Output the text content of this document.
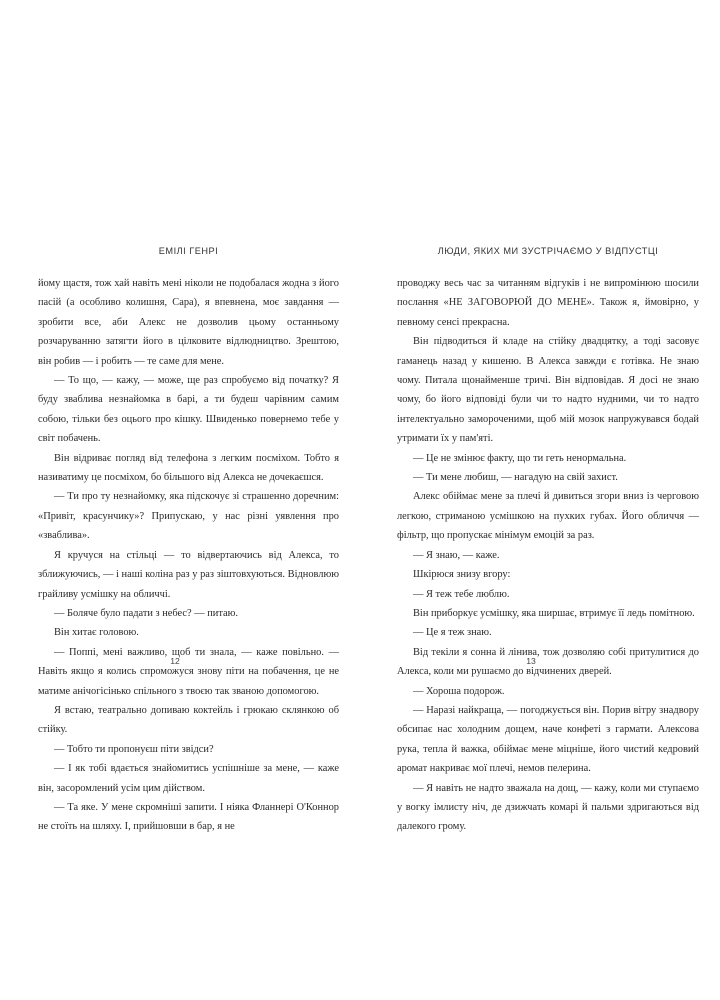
ЕМІЛІ ГЕНРІ

йому щастя, тож хай навіть мені ніколи не подобалася жодна з його пасій (а особливо колишня, Сара), я впевнена, моє завдання — зробити все, аби Алекс не дозволив цьому останньому розчаруванню затягти його в цілковите відлюдництво. Зрештою, він робив — і робить — те саме для мене.

— То що, — кажу, — може, ще раз спробуємо від початку? Я буду зваблива незнайомка в барі, а ти будеш чарівним самим собою, тільки без оцього про кішку. Швиденько повернемо тебе у світ побачень.

Він відриває погляд від телефона з легким посміхом. Тобто я називатиму це посміхом, бо більшого від Алекса не дочекаєшся.

— Ти про ту незнайомку, яка підскочує зі страшенно доречним: «Привіт, красунчику»? Припускаю, у нас різні уявлення про «зваблива».

Я кручуся на стільці — то відвертаючись від Алекса, то зближуючись, — і наші коліна раз у раз зіштовхуються. Відновлюю грайливу усмішку на обличчі.

— Боляче було падати з небес? — питаю.

Він хитає головою.

— Поппі, мені важливо, щоб ти знала, — каже повільно. — Навіть якщо я колись спроможуся знову піти на побачення, це не матиме анічогісінько спільного з твоєю так званою допомогою.

Я встаю, театрально допиваю коктейль і грюкаю склянкою об стійку.

— Тобто ти пропонуєш піти звідси?

— І як тобі вдається знайомитись успішніше за мене, — каже він, засоромлений усім цим дійством.

— Та яке. У мене скромніші запити. І ніяка Фланнері О'Коннор не стоїть на шляху. І, прийшовши в бар, я не

ЛЮДИ, ЯКИХ МИ ЗУСТРІЧАЄМО У ВІДПУСТЦІ

проводжу весь час за читанням відгуків і не випромінюю шосили послання «НЕ ЗАГОВОРЮЙ ДО МЕНЕ». Також я, ймовірно, у певному сенсі прекрасна.

Він підводиться й кладе на стійку двадцятку, а тоді засовує гаманець назад у кишеню. В Алекса завжди є готівка. Не знаю чому. Питала щонайменше тричі. Він відповідав. Я досі не знаю чому, бо його відповіді були чи то надто нудними, чи то надто інтелектуально замороченими, щоб мій мозок напружувався бодай утримати їх у пам'яті.

— Це не змінює факту, що ти геть ненормальна.

— Ти мене любиш, — нагадую на свій захист.

Алекс обіймає мене за плечі й дивиться згори вниз із черговою легкою, стриманою усмішкою на пухких губах. Його обличчя — фільтр, що пропускає мінімум емоцій за раз.

— Я знаю, — каже.

Шкірюся знизу вгору:

— Я теж тебе люблю.

Він приборкує усмішку, яка ширшає, втримує її ледь помітною.

— Це я теж знаю.

Від текіли я сонна й лінива, тож дозволяю собі притулитися до Алекса, коли ми рушаємо до відчинених дверей.

— Хороша подорож.

— Наразі найкраща, — погоджується він. Порив вітру знадвору обсипає нас холодним дощем, наче конфеті з гармати. Алексова рука, тепла й важка, обіймає мене міцніше, його чистий кедровий аромат накриває мої плечі, немов пелерина.

— Я навіть не надто зважала на дощ, — кажу, коли ми ступаємо у вогку імлисту ніч, де дзижчать комарі й пальми здригаються від далекого грому.

12	13
